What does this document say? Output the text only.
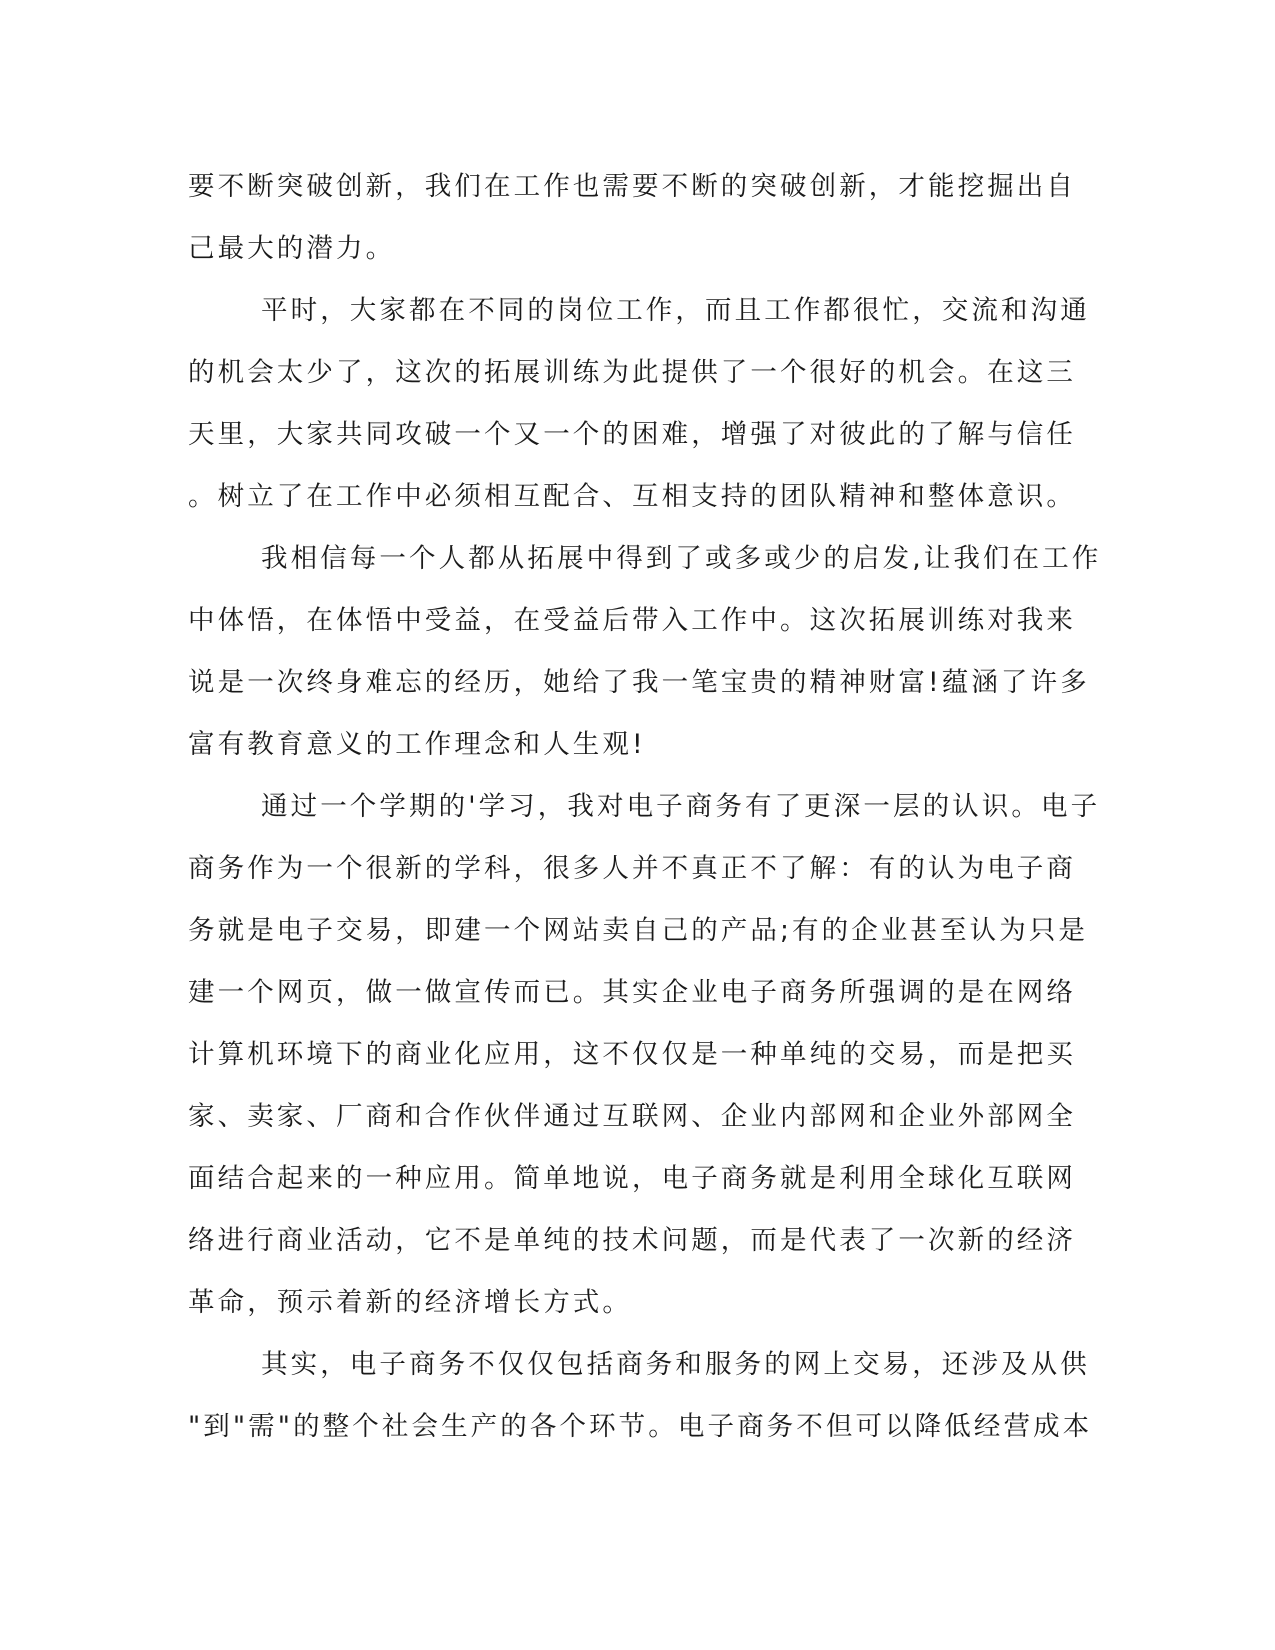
要不断突破创新，我们在工作也需要不断的突破创新，才能挖掘出自
己最大的潜力。
平时，大家都在不同的岗位工作，而且工作都很忙，交流和沟通
的机会太少了，这次的拓展训练为此提供了一个很好的机会。在这三
天里，大家共同攻破一个又一个的困难，增强了对彼此的了解与信任
。树立了在工作中必须相互配合、互相支持的团队精神和整体意识。
我相信每一个人都从拓展中得到了或多或少的启发,让我们在工作
中体悟，在体悟中受益，在受益后带入工作中。这次拓展训练对我来
说是一次终身难忘的经历，她给了我一笔宝贵的精神财富!蕴涵了许多
富有教育意义的工作理念和人生观!
通过一个学期的'学习，我对电子商务有了更深一层的认识。电子
商务作为一个很新的学科，很多人并不真正不了解：有的认为电子商
务就是电子交易，即建一个网站卖自己的产品;有的企业甚至认为只是
建一个网页，做一做宣传而已。其实企业电子商务所强调的是在网络
计算机环境下的商业化应用，这不仅仅是一种单纯的交易，而是把买
家、卖家、厂商和合作伙伴通过互联网、企业内部网和企业外部网全
面结合起来的一种应用。简单地说，电子商务就是利用全球化互联网
络进行商业活动，它不是单纯的技术问题，而是代表了一次新的经济
革命，预示着新的经济增长方式。
其实，电子商务不仅仅包括商务和服务的网上交易，还涉及从供
"到"需"的整个社会生产的各个环节。电子商务不但可以降低经营成本
